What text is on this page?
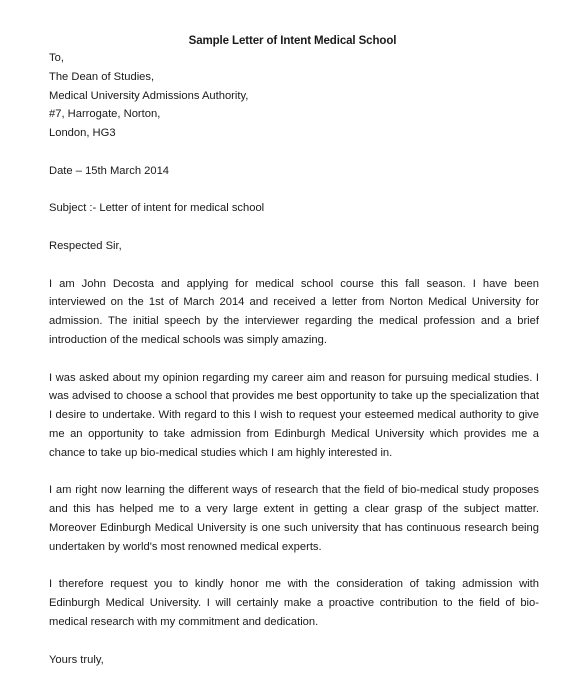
Sample Letter of Intent Medical School

To,

The Dean of Studies,
Medical University Admissions Authority,
#7, Harrogate, Norton,
London, HG3

Date – 15th March 2014

Subject :- Letter of intent for medical school

Respected Sir,

I am John Decosta and applying for medical school course this fall season. I have been interviewed on the 1st of March 2014 and received a letter from Norton Medical University for admission. The initial speech by the interviewer regarding the medical profession and a brief introduction of the medical schools was simply amazing.

I was asked about my opinion regarding my career aim and reason for pursuing medical studies. I was advised to choose a school that provides me best opportunity to take up the specialization that I desire to undertake. With regard to this I wish to request your esteemed medical authority to give me an opportunity to take admission from Edinburgh Medical University which provides me a chance to take up bio-medical studies which I am highly interested in.

I am right now learning the different ways of research that the field of bio-medical study proposes and this has helped me to a very large extent in getting a clear grasp of the subject matter. Moreover Edinburgh Medical University is one such university that has continuous research being undertaken by world's most renowned medical experts.

I therefore request you to kindly honor me with the consideration of taking admission with Edinburgh Medical University. I will certainly make a proactive contribution to the field of bio-medical research with my commitment and dedication.

Yours truly,
